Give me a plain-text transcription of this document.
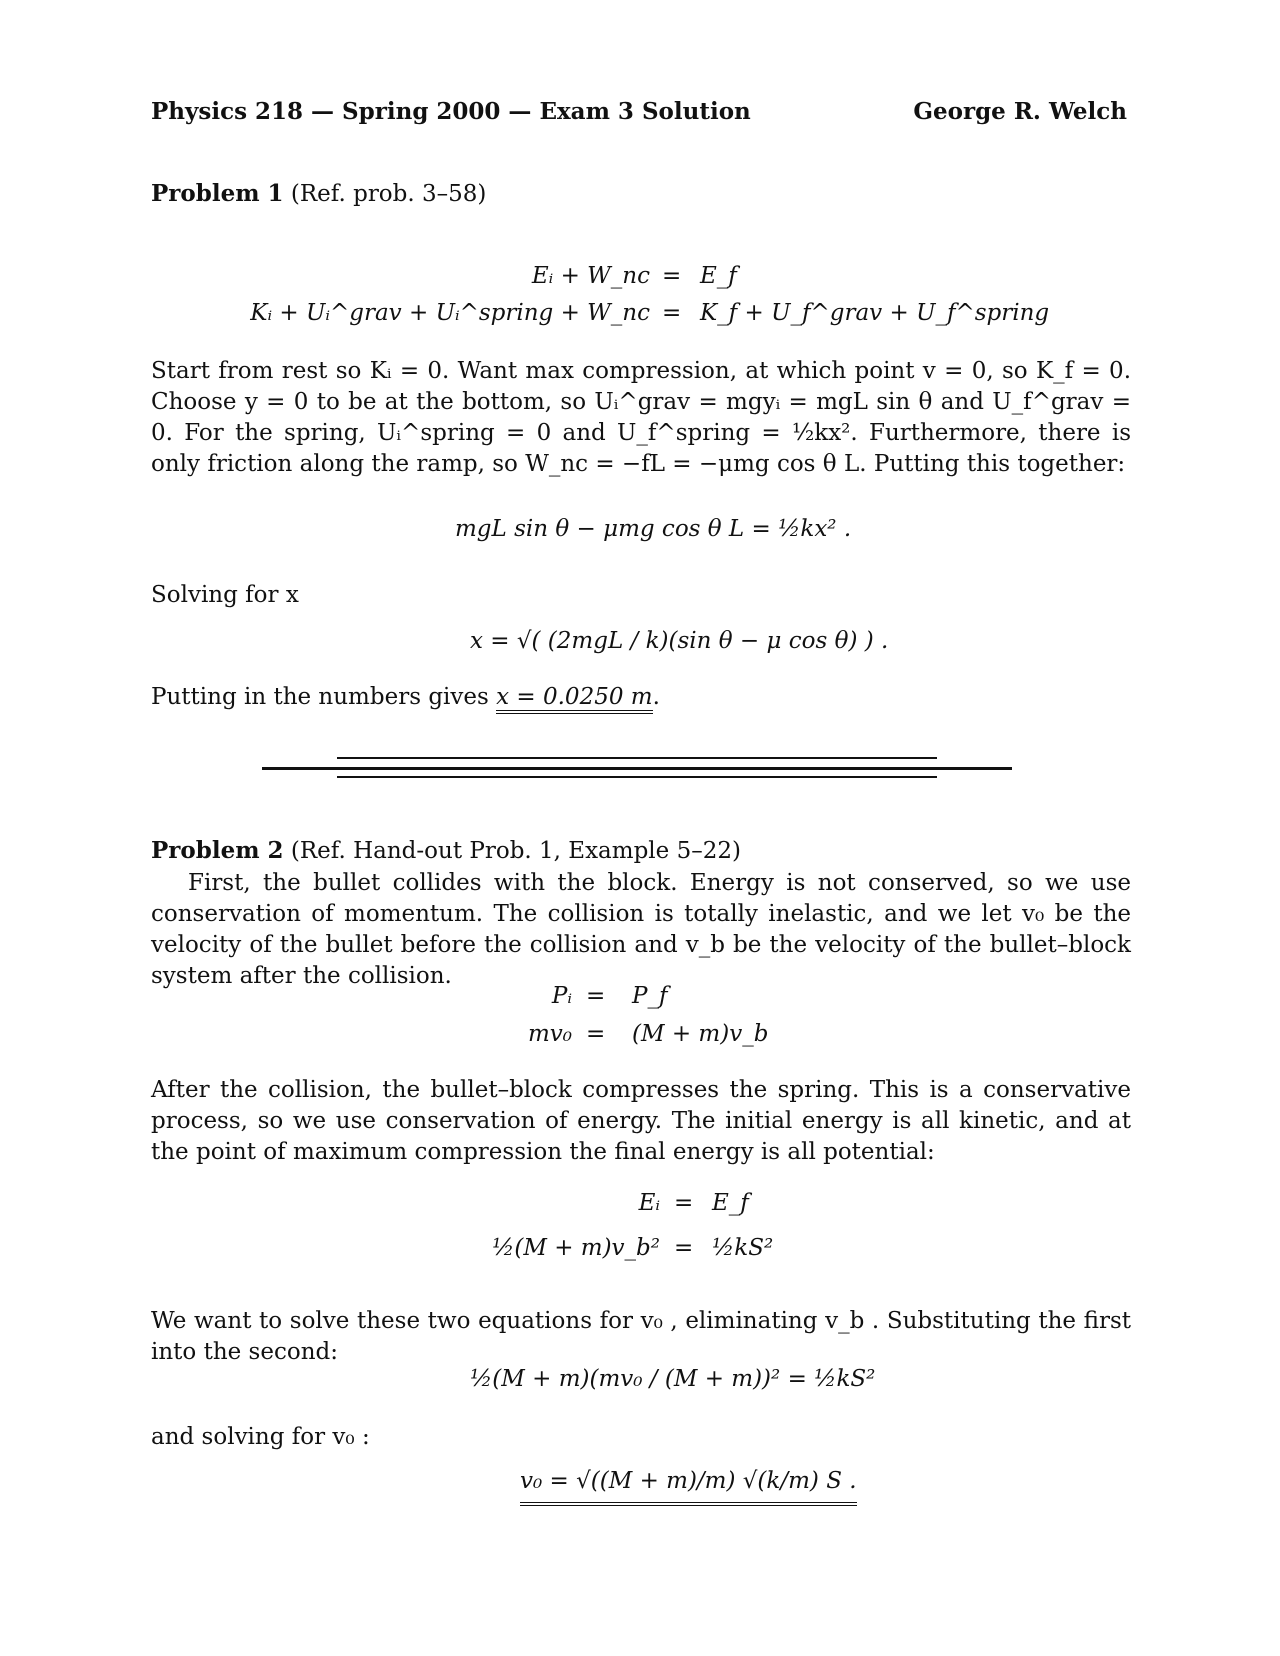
Physics 218 — Spring 2000 — Exam 3 Solution	George R. Welch
Problem 1 (Ref. prob. 3–58)
Eᵢ + W_nc = E_f
Kᵢ + Uᵢ^grav + Uᵢ^spring + W_nc = K_f + U_f^grav + U_f^spring
Start from rest so Kᵢ = 0. Want max compression, at which point v = 0, so K_f = 0. Choose y = 0 to be at the bottom, so Uᵢ^grav = mgyᵢ = mgL sin θ and U_f^grav = 0. For the spring, Uᵢ^spring = 0 and U_f^spring = ½kx². Furthermore, there is only friction along the ramp, so W_nc = −fL = −μmg cos θ L. Putting this together:
mgL sin θ − μmg cos θ L = ½kx² .
Solving for x
x = √( (2mgL / k)(sin θ − μ cos θ) ) .
Putting in the numbers gives x = 0.0250 m.
Problem 2 (Ref. Hand-out Prob. 1, Example 5–22)
First, the bullet collides with the block. Energy is not conserved, so we use conservation of momentum. The collision is totally inelastic, and we let v₀ be the velocity of the bullet before the collision and v_b be the velocity of the bullet–block system after the collision.
Pᵢ = P_f
mv₀ = (M + m)v_b
After the collision, the bullet–block compresses the spring. This is a conservative process, so we use conservation of energy. The initial energy is all kinetic, and at the point of maximum compression the final energy is all potential:
Eᵢ = E_f
½(M + m)v_b² = ½kS²
We want to solve these two equations for v₀ , eliminating v_b . Substituting the first into the second:
½(M + m)(mv₀ / (M + m))² = ½kS²
and solving for v₀ :
v₀ = √((M + m)/m) √(k/m) S .
